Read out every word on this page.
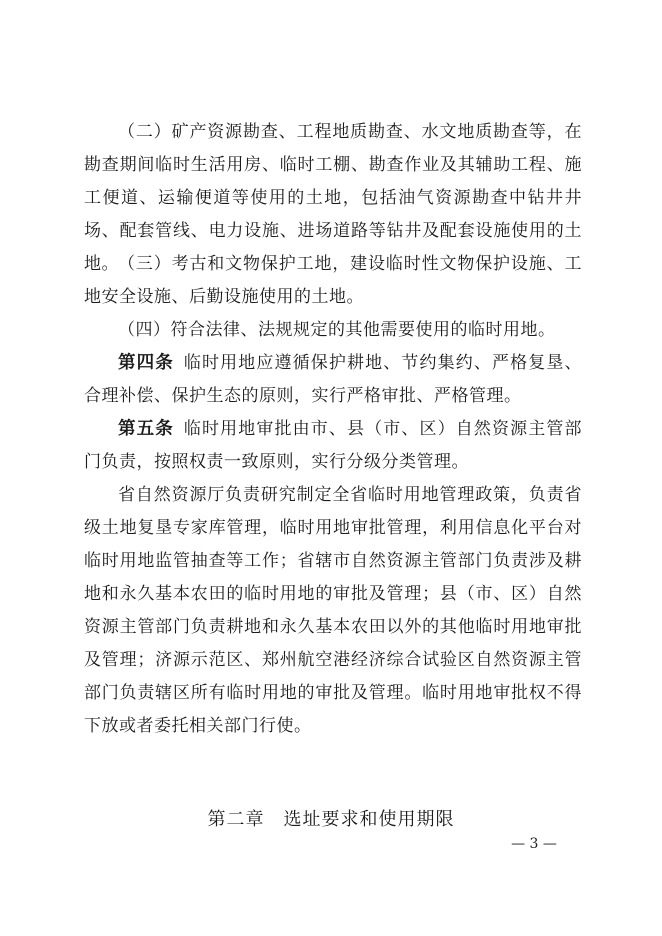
（二）矿产资源勘查、工程地质勘查、水文地质勘查等，在勘查期间临时生活用房、临时工棚、勘查作业及其辅助工程、施工便道、运输便道等使用的土地，包括油气资源勘查中钻井井场、配套管线、电力设施、进场道路等钻井及配套设施使用的土地。 （三）考古和文物保护工地，建设临时性文物保护设施、工地安全设施、后勤设施使用的土地。

（四）符合法律、法规规定的其他需要使用的临时用地。

第四条 临时用地应遵循保护耕地、节约集约、严格复垦、合理补偿、保护生态的原则，实行严格审批、严格管理。

第五条 临时用地审批由市、县（市、区）自然资源主管部门负责，按照权责一致原则，实行分级分类管理。

省自然资源厅负责研究制定全省临时用地管理政策，负责省级土地复垦专家库管理，临时用地审批管理，利用信息化平台对临时用地监管抽查等工作；省辖市自然资源主管部门负责涉及耕地和永久基本农田的临时用地的审批及管理；县（市、区）自然资源主管部门负责耕地和永久基本农田以外的其他临时用地审批及管理；济源示范区、郑州航空港经济综合试验区自然资源主管部门负责辖区所有临时用地的审批及管理。临时用地审批权不得下放或者委托相关部门行使。

第二章　选址要求和使用期限
— 3 —
